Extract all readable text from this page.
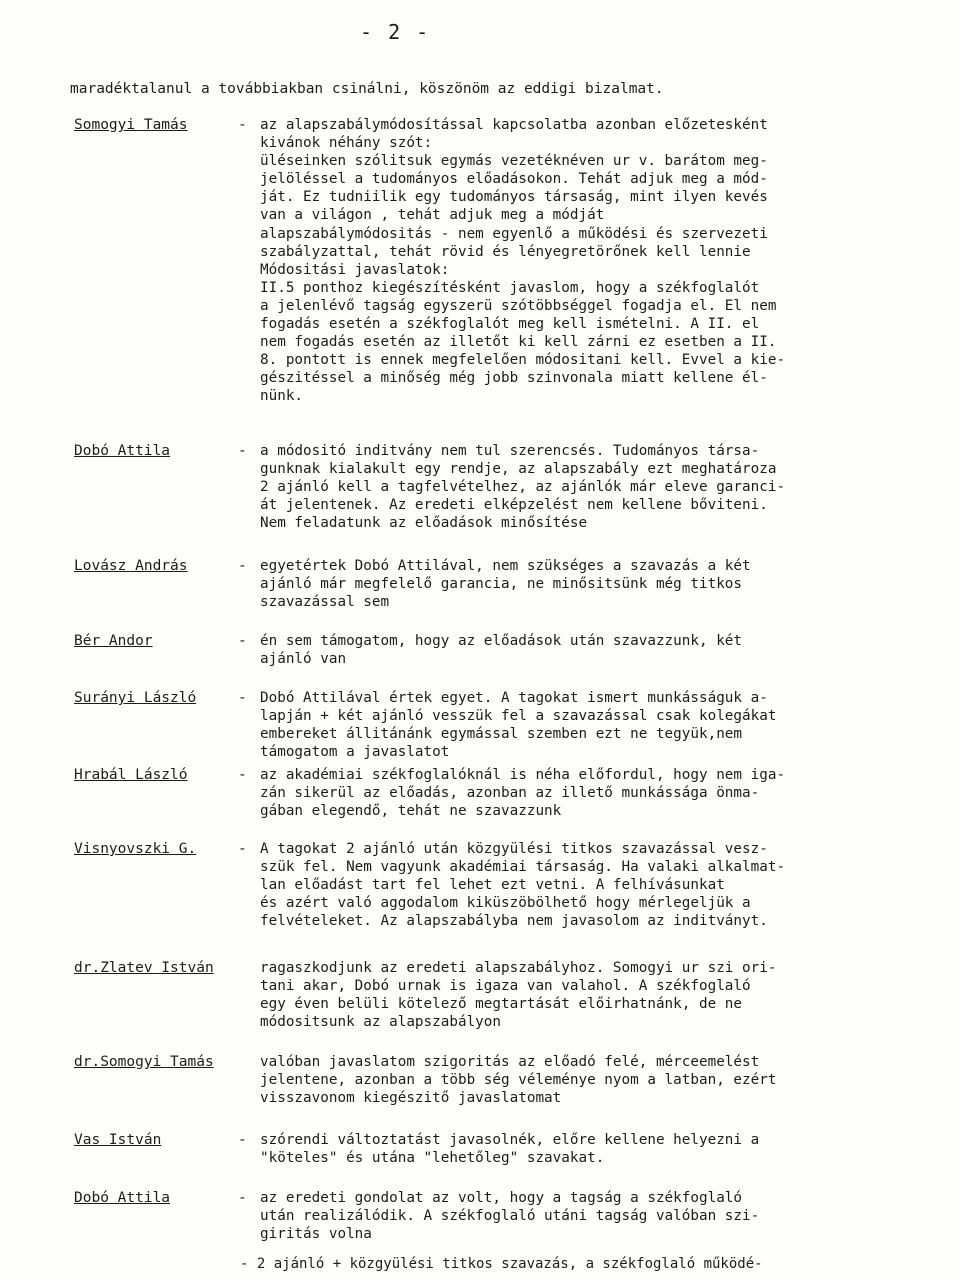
- 2 -
maradéktalanul a továbbiakban csinálni, köszönöm az eddigi bizalmat.
Somogyi Tamás	- az alapszabálymódosítással kapcsolatba azonban előzetesként
kivánok néhány szót:
üléseinken szólitsuk egymás vezetéknéven ur v. barátom meg-
jelöléssel a tudományos előadásokon. Tehát adjuk meg a mód-
ját. Ez tudniilik egy tudományos társaság, mint ilyen kevés
van a világon , tehát adjuk meg a módját
alapszabálymódositás - nem egyenlő a működési és szervezeti
szabályzattal, tehát rövid és lényegretörőnek kell lennie
Módositási javaslatok:
II.5 ponthoz kiegészítésként javaslom, hogy a székfoglalót
a jelenlévő tagság egyszerü szótöbbséggel fogadja el. El nem
fogadás esetén a székfoglalót meg kell ismételni. A II. el
nem fogadás esetén az illetőt ki kell zárni ez esetben a II.
8. pontott is ennek megfelelően módositani kell. Evvel a kie-
gészitéssel a minőség még jobb szinvonala miatt kellene él-
nünk.
Dobó Attila	- a módositó inditvány nem tul szerencsés. Tudományos társa-
gunknak kialakult egy rendje, az alapszabály ezt meghatároza
2 ajánló kell a tagfelvételhez, az ajánlók már eleve garanci-
át jelentenek. Az eredeti elképzelést nem kellene bőviteni.
Nem feladatunk az előadások minősítése
Lovász András	- egyetértek Dobó Attilával, nem szükséges a szavazás a két
ajánló már megfelelő garancia, ne minősitsünk még titkos
szavazással sem
Bér Andor	- én sem támogatom, hogy az előadások után szavazzunk, két
ajánló van
Surányi László	- Dobó Attilával értek egyet. A tagokat ismert munkásságuk a-
lapján + két ajánló vesszük fel a szavazással csak kolegákat
embereket állitánánk egymással szemben ezt ne tegyük,nem
támogatom a javaslatot
Hrabál László	- az akadémiai székfoglalóknál is néha előfordul, hogy nem iga-
zán sikerül az előadás, azonban az illető munkássága önma-
gában elegendő, tehát ne szavazzunk
Visnyovszki G.	- A tagokat 2 ajánló után közgyülési titkos szavazással vesz-
szük fel. Nem vagyunk akadémiai társaság. Ha valaki alkalmat-
lan előadást tart fel lehet ezt vetni. A felhívásunkat
és azért való aggodalom kiküszöbölhető hogy mérlegeljük a
felvételeket. Az alapszabályba nem javasolom az inditványt.
dr.Zlatev István	ragaszkodjunk az eredeti alapszabályhoz. Somogyi ur szi ori-
tani akar, Dobó urnak is igaza van valahol. A székfoglaló
egy éven belüli kötelező megtartását előirhatnánk, de ne
módositsunk az alapszabályon
dr.Somogyi Tamás	valóban javaslatom szigoritás az előadó felé, mérceemelést
jelentene, azonban a több ség véleménye nyom a latban, ezért
visszavonom kiegészitő javaslatomat
Vas István	- szórendi változtatást javasolnék, előre kellene helyezni a
"köteles" és utána "lehetőleg" szavakat.
Dobó Attila	- az eredeti gondolat az volt, hogy a tagság a székfoglaló
után realizálódik. A székfoglaló utáni tagság valóban szi-
giritás volna
- 2 ajánló + közgyülési titkos szavazás, a székfoglaló működé-
